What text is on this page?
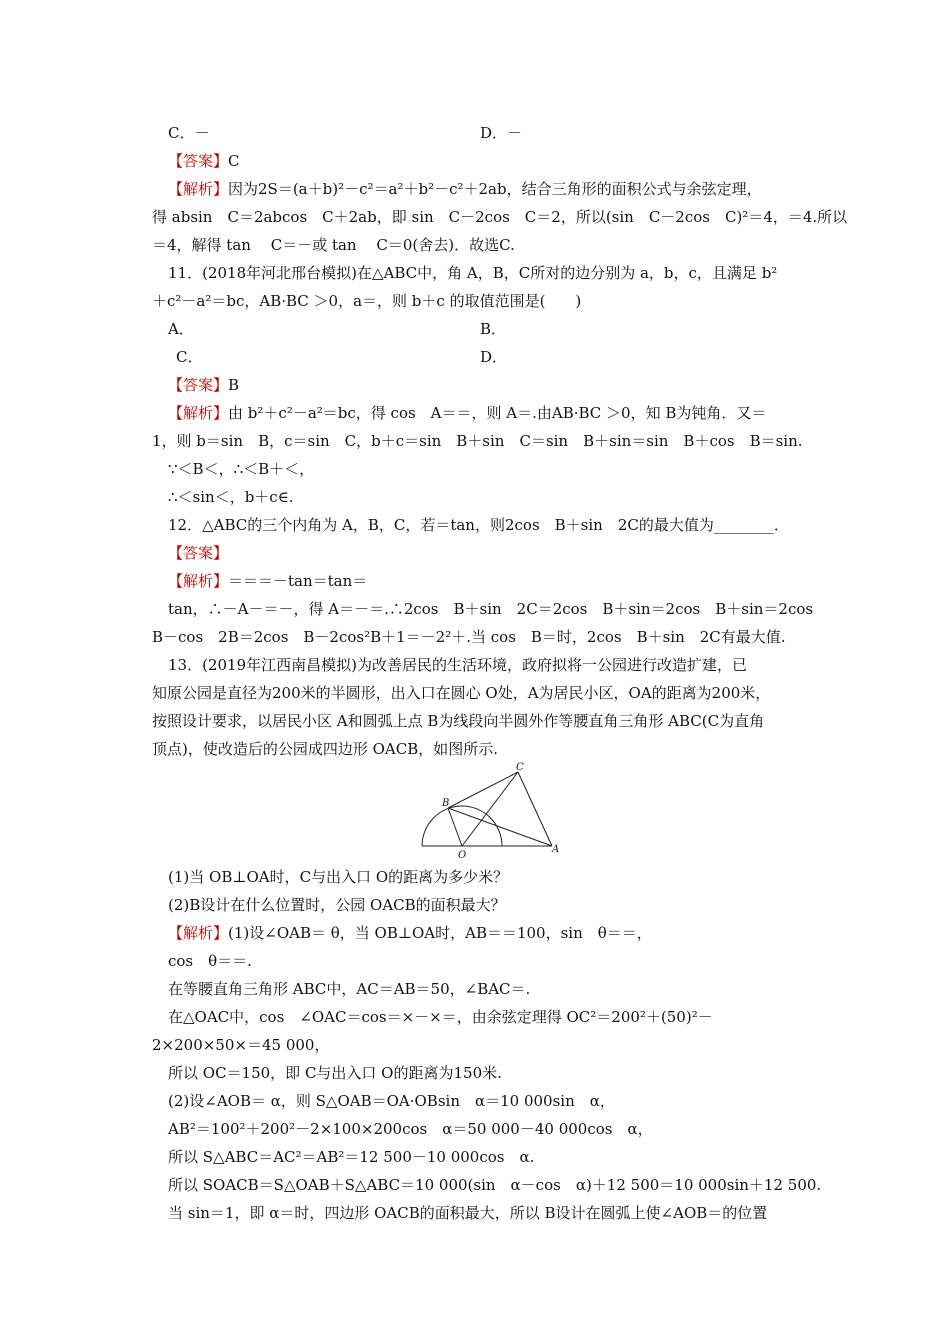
C．－	D．－
【答案】C
【解析】因为2S＝(a＋b)²－c²＝a²＋b²－c²＋2ab，结合三角形的面积公式与余弦定理，
得 absin　C＝2abcos　C＋2ab，即 sin　C－2cos　C＝2，所以(sin　C－2cos　C)²＝4，＝4.所以
＝4，解得 tan　 C＝－或 tan　 C＝0(舍去)．故选C.
11．(2018年河北邢台模拟)在△ABC中，角 A，B，C所对的边分别为 a，b，c，且满足 b²
＋c²－a²＝bc，AB·BC ＞0，a＝，则 b＋c 的取值范围是(　　)
A．	B．
C．	D．
【答案】B
【解析】由 b²＋c²－a²＝bc，得 cos　A＝＝，则 A＝.由AB·BC ＞0，知 B为钝角．又＝
1，则 b＝sin　B，c＝sin　C，b＋c＝sin　B＋sin　C＝sin　B＋sin＝sin　B＋cos　B＝sin.
∵＜B＜，∴＜B＋＜，
∴＜sin＜，b＋c∈.
12．△ABC的三个内角为 A，B，C，若＝tan，则2cos　B＋sin　2C的最大值为________．
【答案】
【解析】＝＝＝－tan＝tan＝
tan，∴－A－＝－，得 A＝－＝.∴2cos　B＋sin　2C＝2cos　B＋sin＝2cos　B＋sin＝2cos
B－cos　2B＝2cos　B－2cos²B＋1＝－2²＋.当 cos　B＝时，2cos　B＋sin　2C有最大值.
13．(2019年江西南昌模拟)为改善居民的生活环境，政府拟将一公园进行改造扩建，已
知原公园是直径为200米的半圆形，出入口在圆心 O处，A为居民小区，OA的距离为200米，
按照设计要求，以居民小区 A和圆弧上点 B为线段向半圆外作等腰直角三角形 ABC(C为直角
顶点)，使改造后的公园成四边形 OACB，如图所示.
(1)当 OB⊥OA时，C与出入口 O的距离为多少米？
(2)B设计在什么位置时，公园 OACB的面积最大？
【解析】(1)设∠OAB＝ θ，当 OB⊥OA时，AB＝＝100，sin　θ＝＝，
cos　θ＝＝.
在等腰直角三角形 ABC中，AC＝AB＝50，∠BAC＝.
在△OAC中，cos　∠OAC＝cos＝×－×＝，由余弦定理得 OC²＝200²＋(50)²－
2×200×50×＝45 000，
所以 OC＝150，即 C与出入口 O的距离为150米.
(2)设∠AOB＝ α，则 S△OAB＝OA·OBsin　α＝10 000sin　α，
AB²＝100²＋200²－2×100×200cos　α＝50 000－40 000cos　α，
所以 S△ABC＝AC²＝AB²＝12 500－10 000cos　α.
所以 SOACB＝S△OAB＋S△ABC＝10 000(sin　α－cos　α)＋12 500＝10 000sin＋12 500.
当 sin＝1，即 α＝时，四边形 OACB的面积最大，所以 B设计在圆弧上使∠AOB＝的位置
C
B
O
A
